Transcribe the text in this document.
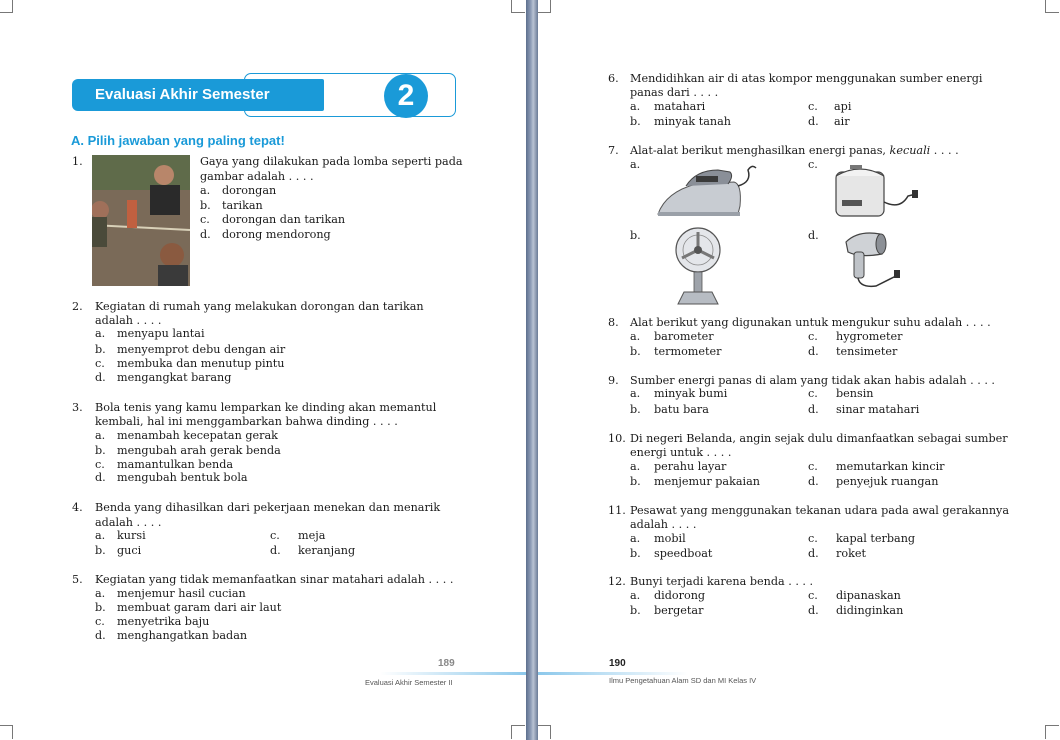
Evaluasi Akhir Semester	2
A. Pilih jawaban yang paling tepat!
1.	Gaya yang dilakukan pada lomba seperti pada
gambar adalah . . . .
a. dorongan
b. tarikan
c. dorongan dan tarikan
d. dorong mendorong
2. Kegiatan di rumah yang melakukan dorongan dan tarikan
adalah . . . .
a. menyapu lantai
b. menyemprot debu dengan air
c. membuka dan menutup pintu
d. mengangkat barang
3. Bola tenis yang kamu lemparkan ke dinding akan memantul
kembali, hal ini menggambarkan bahwa dinding . . . .
a. menambah kecepatan gerak
b. mengubah arah gerak benda
c. mamantulkan benda
d. mengubah bentuk bola
4. Benda yang dihasilkan dari pekerjaan menekan dan menarik
adalah . . . .
a. kursi
b. guci
c. meja
d. keranjang
5. Kegiatan yang tidak memanfaatkan sinar matahari adalah . . . .
a. menjemur hasil cucian
b. membuat garam dari air laut
c. menyetrika baju
d. menghangatkan badan
189
Evaluasi Akhir Semester II
6. Mendidihkan air di atas kompor menggunakan sumber energi
panas dari . . . .
a. matahari
b. minyak tanah
c. api
d. air
7. Alat-alat berikut menghasilkan energi panas, kecuali . . . .
a.	c.
b.	d.
8. Alat berikut yang digunakan untuk mengukur suhu adalah . . . .
a. barometer
b. termometer
c. hygrometer
d. tensimeter
9. Sumber energi panas di alam yang tidak akan habis adalah . . . .
a. minyak bumi
b. batu bara
c. bensin
d. sinar matahari
10. Di negeri Belanda, angin sejak dulu dimanfaatkan sebagai sumber
energi untuk . . . .
a. perahu layar
b. menjemur pakaian
c. memutarkan kincir
d. penyejuk ruangan
11. Pesawat yang menggunakan tekanan udara pada awal gerakannya
adalah . . . .
a. mobil
b. speedboat
c. kapal terbang
d. roket
12. Bunyi terjadi karena benda . . . .
a. didorong
b. bergetar
c. dipanaskan
d. didinginkan
190
Ilmu Pengetahuan Alam SD dan MI Kelas IV
